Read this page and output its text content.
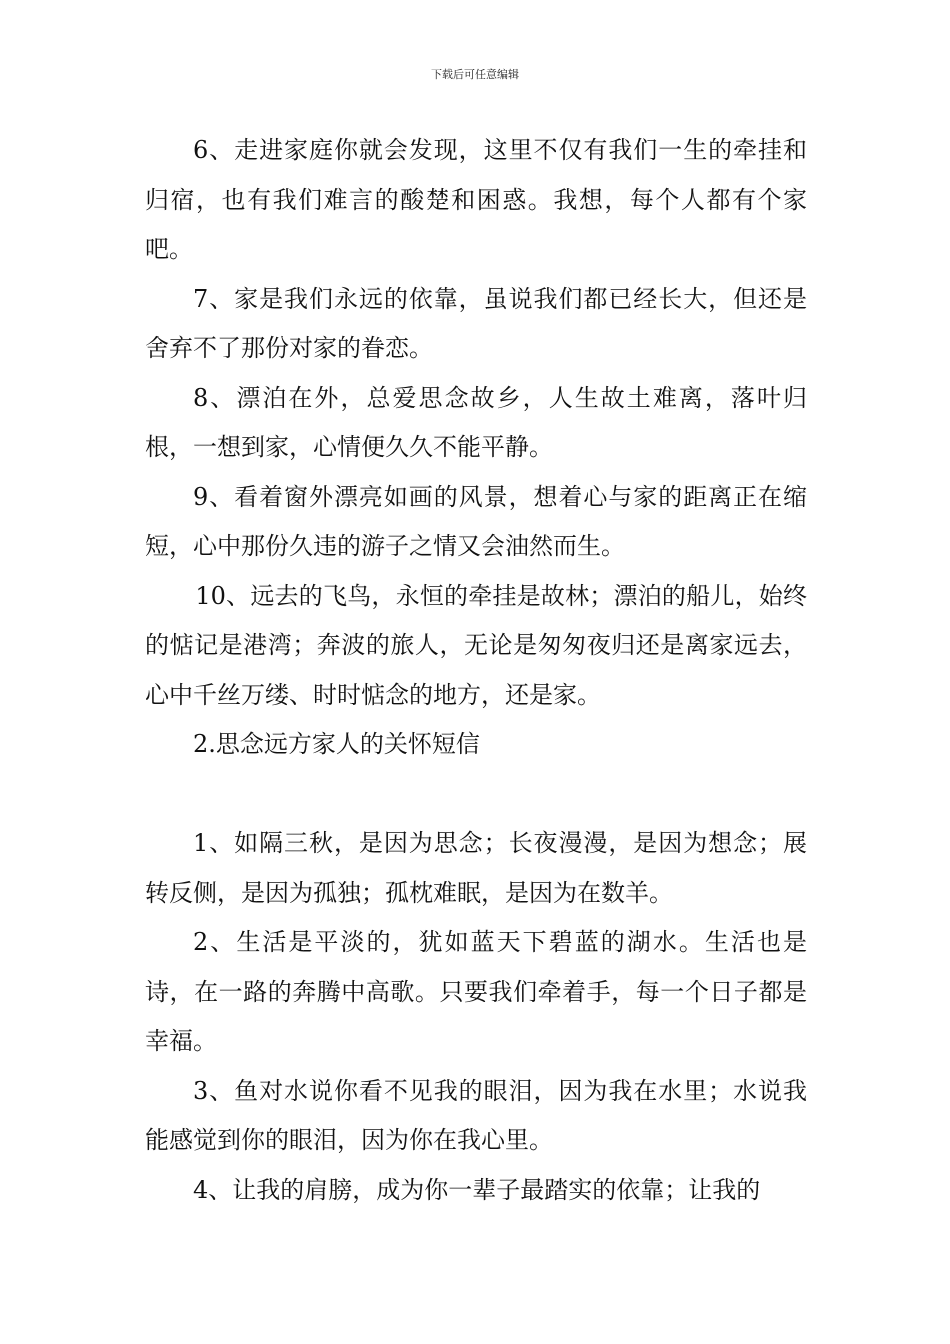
下载后可任意编辑

6、走进家庭你就会发现，这里不仅有我们一生的牵挂和归宿，也有我们难言的酸楚和困惑。我想，每个人都有个家吧。

7、家是我们永远的依靠，虽说我们都已经长大，但还是舍弃不了那份对家的眷恋。

8、漂泊在外，总爱思念故乡，人生故土难离，落叶归根，一想到家，心情便久久不能平静。

9、看着窗外漂亮如画的风景，想着心与家的距离正在缩短，心中那份久违的游子之情又会油然而生。

10、远去的飞鸟，永恒的牵挂是故林；漂泊的船儿，始终的惦记是港湾；奔波的旅人，无论是匆匆夜归还是离家远去，心中千丝万缕、时时惦念的地方，还是家。

2.思念远方家人的关怀短信

1、如隔三秋，是因为思念；长夜漫漫，是因为想念；展转反侧，是因为孤独；孤枕难眠，是因为在数羊。

2、生活是平淡的，犹如蓝天下碧蓝的湖水。生活也是诗，在一路的奔腾中高歌。只要我们牵着手，每一个日子都是幸福。

3、鱼对水说你看不见我的眼泪，因为我在水里；水说我能感觉到你的眼泪，因为你在我心里。

4、让我的肩膀，成为你一辈子最踏实的依靠；让我的
